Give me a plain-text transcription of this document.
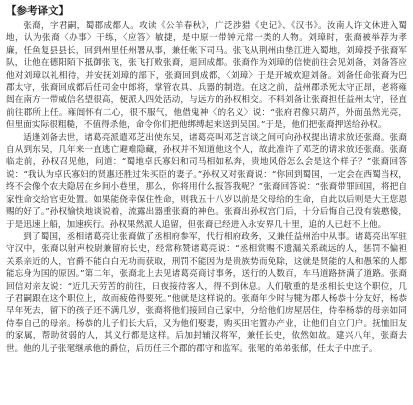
【参考译文】

张裔，字君嗣，蜀郡成都人。攻读《公羊春秋》，广泛涉猎《史记》、《汉书》。汝南人许文休进入蜀地，认为张裔〈办事〉干练，〈应答〉敏捷，是中原一带钟元常一类的人物。刘璋时，张裔被举荐为孝廉，任鱼复县县长，回到州里任州署从事，兼任帐下司马。张飞从荆州由垫江进入蜀地，刘璋授予张裔军队，让他在德阳陌下抵御张飞，张飞打败张裔，退回成都。张裔作为刘璋的信使前往会见刘备，刘备答应他对刘璋以礼相待，并安抚刘璋的部下，张裔回到成都，〈刘璋〉于是开城欢迎刘备。刘备任命张裔为巴郡太守，张裔回成都后任司金中郎将，掌管农具、兵器的制造。在这之前，益州郡杀死太守正昂，老将雍闿在南方一带威信名望很高，便派人四处活动，与远方的孙权相交。不料刘备让张裔担任益州太守，径直前往郡所上任。雍闿怀有二心，很不服气，他借鬼神〈的名义〉说：“张府君像只葫芦，外面虽然光亮，但里面实际很粗糙，不值得杀他，命令你们把他绑缚起来送到吴国。”于是，他们把张裔押送给孙权。

适逢刘备去世，诸葛亮派遣邓芝出使东吴，诸葛亮叫邓芝言谈之间可向孙权提出请求放还张裔。张裔自从到东吴，几年来一直逃亡避难隐藏，孙权并不知道他这个人，故此准许了邓芝的请求放还张裔。张裔临走前，孙权召见他，问道：“蜀地卓氏寡妇和司马相如私奔，贵地风俗怎么会是这个样子？”张裔回答说：“我认为卓氏寡妇的贤惠还胜过朱买臣的妻子。”孙权又对张裔说：“你回到蜀国，一定会在西蜀当权，终不会像个农夫隐居在乡间小巷里，那么，你将用什么报答我呢？”张裔回答说：“张裔带罪回国，将把自家性命交给官吏处置。如果能侥幸保住性命，则我五十八岁以前是父母给的生命，自此以后则是大王您恩赐的好了。”孙权愉快地谈说着，流露出器重张裔的神色。张裔出孙权宫门后，十分后悔自己没有装憨傻，于是迅速上船，加速疾行。孙权果然派人追留，但张裔已经进入永安界几十里，追的人已赶不上他。

到了蜀国，丞相诸葛亮让张裔做了丞相府参军，代行相府政务，又兼任益州治中从事。诸葛亮出军驻守汉中，张裔以射声校尉兼留府长史，经常称赞诸葛亮说：“丞相赏赐不遗漏关系疏远的人，惩罚不偏袒关系亲近的人，官爵不能白白无功而获取，刑罚不能因为是贵族势而免除，这就是贤能的人和愚笨的人都能忘身为国的原因。”第二年，张裔北上去见诸葛亮商讨事务，送行的人数百，车马道路挤满了道路。张裔回信对亲友说：“近几天劳苦的前往，日夜接待客人，得不到休息。人们敬重的是丞相长史这个职位，几子君嗣跟在这个职位上，故而疲倦得要死。”他就是这样说的。张裔年少时与犍为郡人杨恭十分友好，杨恭早年死去，留下的孩子还不满几岁，张裔将他们接回自己家中，分给他们房屋居住，侍奉杨恭的母亲如同侍奉自己的母亲。杨恭的儿子们长大后，又为他们娶妻，购买田宅置办产业，让他们自立门户。抚恤旧友的家属，帮助贫弱的人，其义行都是这样。后加封辅汉将军，兼任长史，依然如故。建兴八年，张裔去世。他的儿子张毣继承他的爵位，后历任三个郡的郡守和监军。张毣的弟弟张郁，任太子中庶子。
